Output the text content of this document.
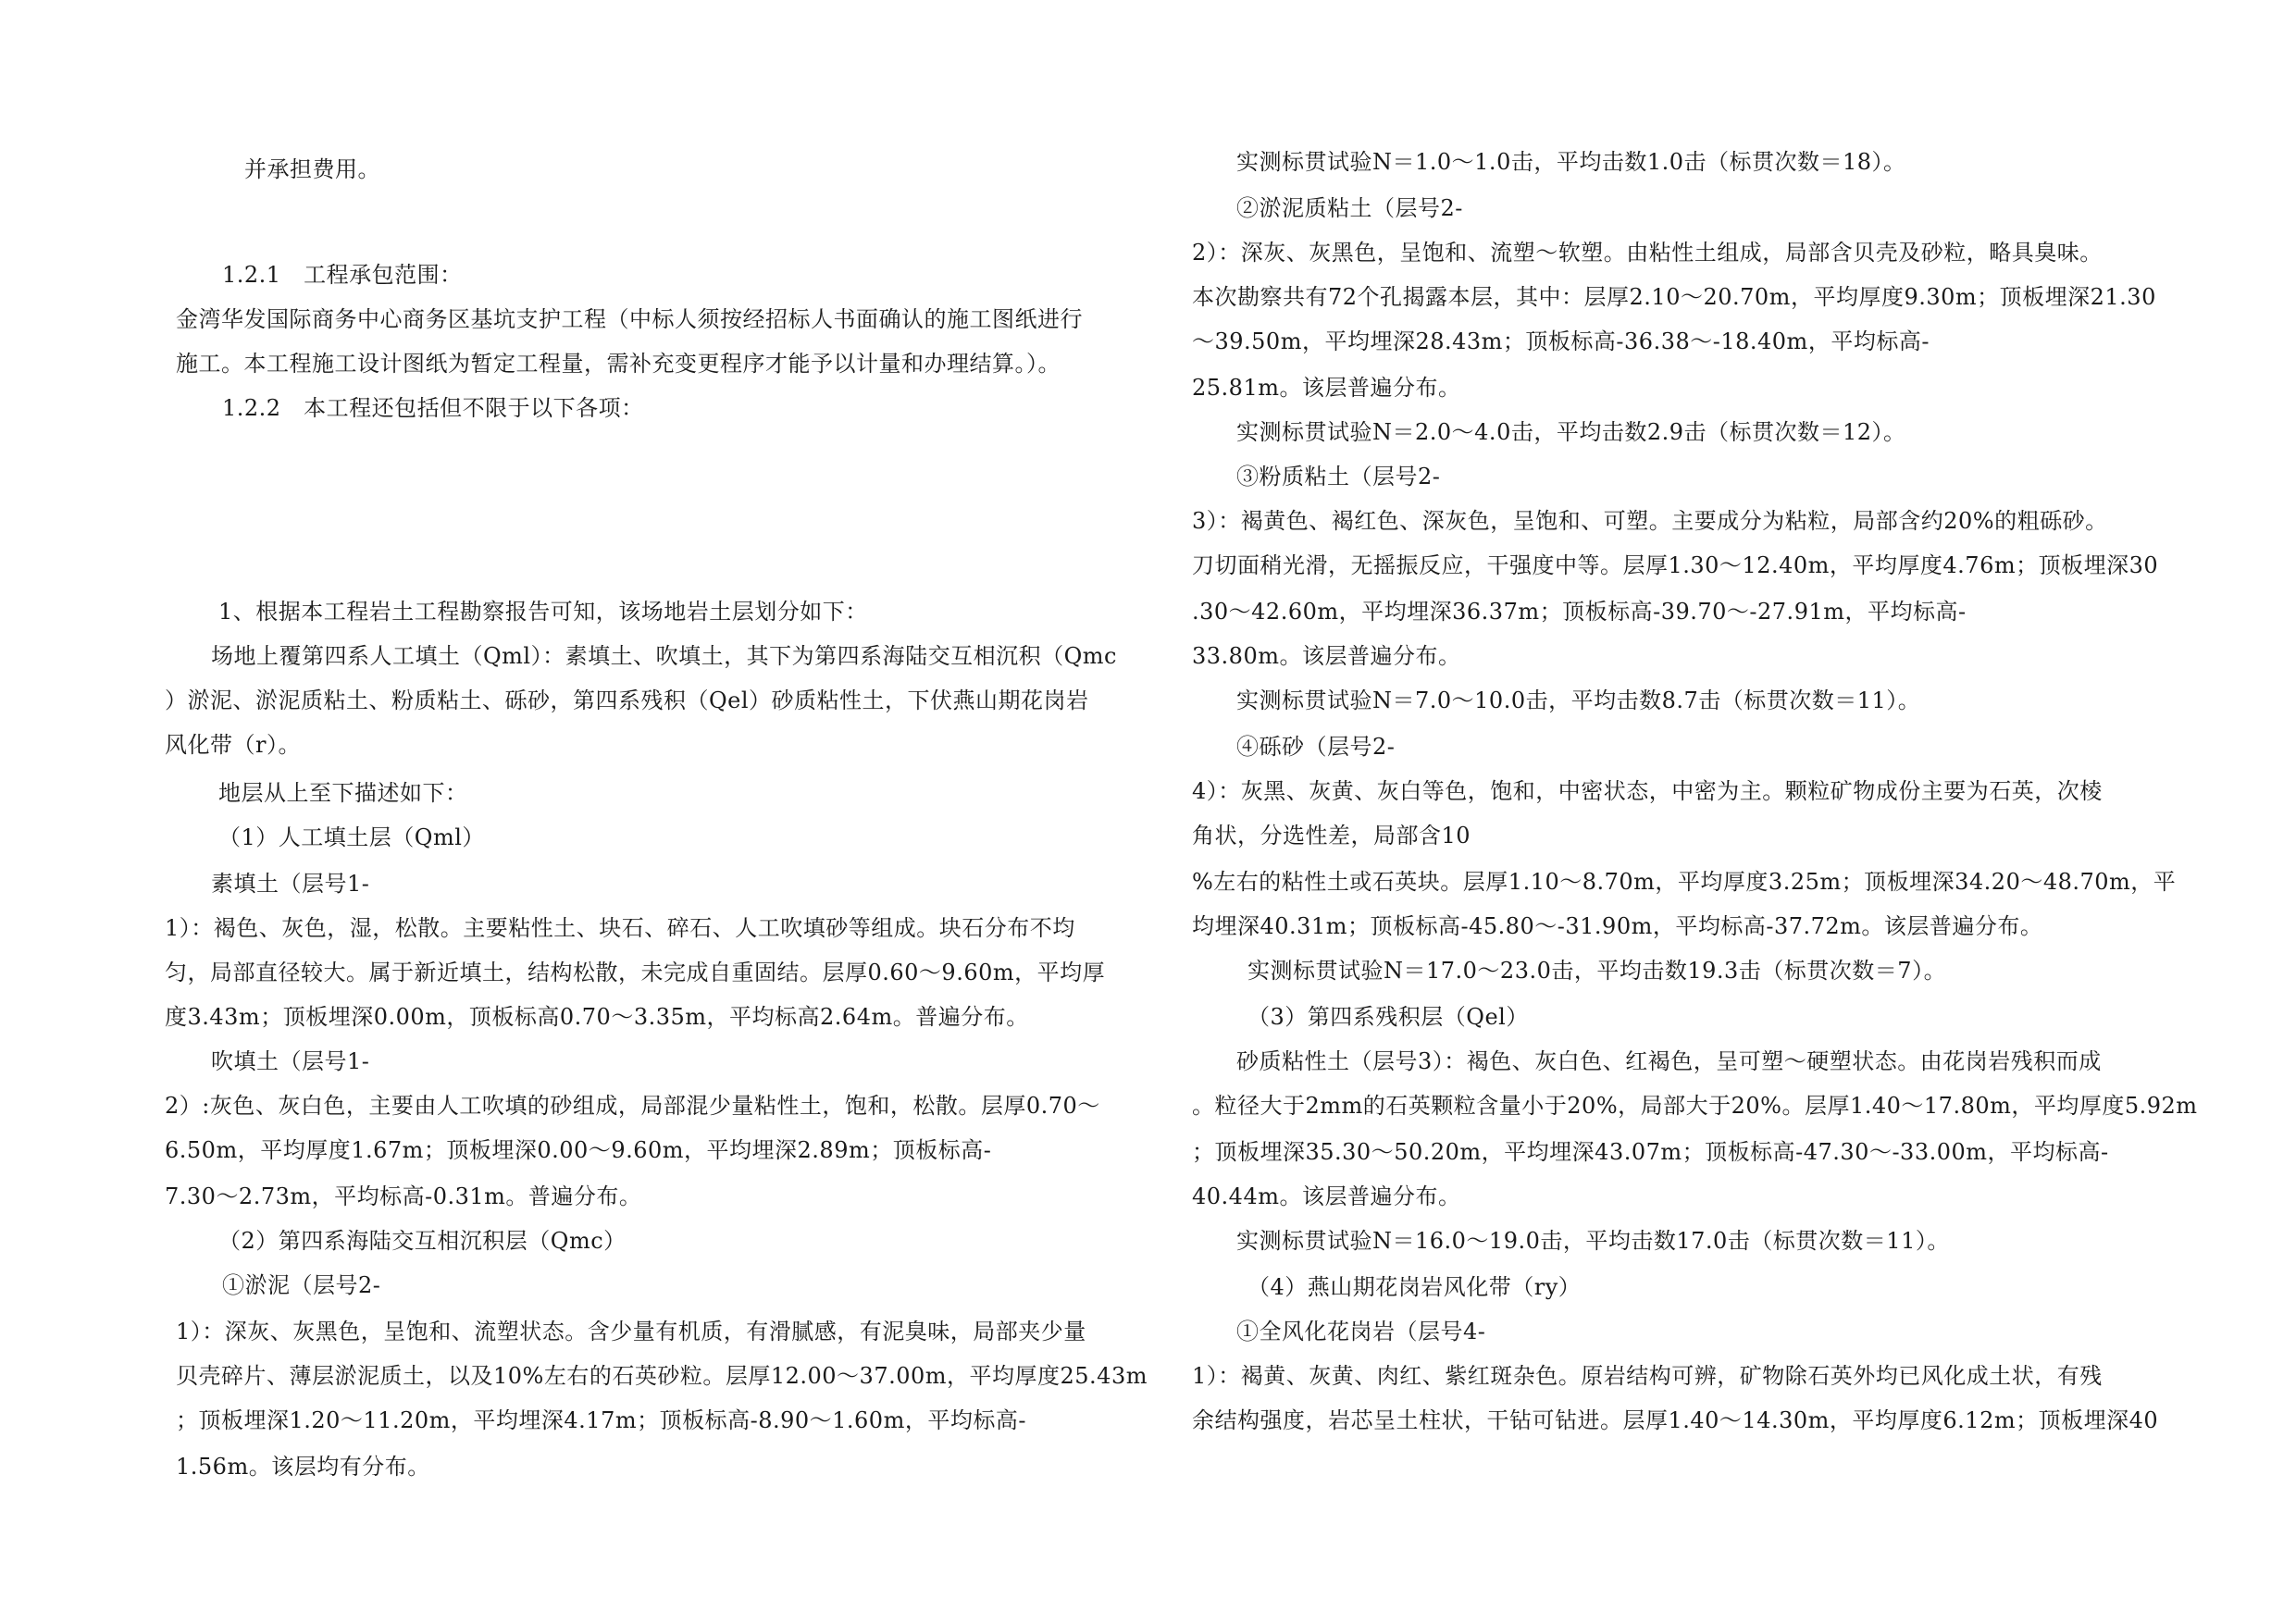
并承担费用。
1.2.1　工程承包范围：
金湾华发国际商务中心商务区基坑支护工程（中标人须按经招标人书面确认的施工图纸进行
施工。本工程施工设计图纸为暂定工程量，需补充变更程序才能予以计量和办理结算。）。
1.2.2　本工程还包括但不限于以下各项：
1、根据本工程岩土工程勘察报告可知，该场地岩土层划分如下：
场地上覆第四系人工填土（Qml）：素填土、吹填土，其下为第四系海陆交互相沉积（Qmc
）淤泥、淤泥质粘土、粉质粘土、砾砂，第四系残积（Qel）砂质粘性土，下伏燕山期花岗岩
风化带（r）。
地层从上至下描述如下：
（1）人工填土层（Qml）
素填土（层号1-
1）：褐色、灰色，湿，松散。主要粘性土、块石、碎石、人工吹填砂等组成。块石分布不均
匀，局部直径较大。属于新近填土，结构松散，未完成自重固结。层厚0.60～9.60m，平均厚
度3.43m；顶板埋深0.00m，顶板标高0.70～3.35m，平均标高2.64m。普遍分布。
吹填土（层号1-
2）:灰色、灰白色，主要由人工吹填的砂组成，局部混少量粘性土，饱和，松散。层厚0.70～
6.50m，平均厚度1.67m；顶板埋深0.00～9.60m，平均埋深2.89m；顶板标高-
7.30～2.73m，平均标高-0.31m。普遍分布。
（2）第四系海陆交互相沉积层（Qmc）
①淤泥（层号2-
1）：深灰、灰黑色，呈饱和、流塑状态。含少量有机质，有滑腻感，有泥臭味，局部夹少量
贝壳碎片、薄层淤泥质土，以及10%左右的石英砂粒。层厚12.00～37.00m，平均厚度25.43m
；顶板埋深1.20～11.20m，平均埋深4.17m；顶板标高-8.90～1.60m，平均标高-
1.56m。该层均有分布。
实测标贯试验N＝1.0～1.0击，平均击数1.0击（标贯次数＝18）。
②淤泥质粘土（层号2-
2）：深灰、灰黑色，呈饱和、流塑～软塑。由粘性土组成，局部含贝壳及砂粒，略具臭味。
本次勘察共有72个孔揭露本层，其中：层厚2.10～20.70m，平均厚度9.30m；顶板埋深21.30
～39.50m，平均埋深28.43m；顶板标高-36.38～-18.40m，平均标高-
25.81m。该层普遍分布。
实测标贯试验N＝2.0～4.0击，平均击数2.9击（标贯次数＝12）。
③粉质粘土（层号2-
3）：褐黄色、褐红色、深灰色，呈饱和、可塑。主要成分为粘粒，局部含约20%的粗砾砂。
刀切面稍光滑，无摇振反应，干强度中等。层厚1.30～12.40m，平均厚度4.76m；顶板埋深30
.30～42.60m，平均埋深36.37m；顶板标高-39.70～-27.91m，平均标高-
33.80m。该层普遍分布。
实测标贯试验N＝7.0～10.0击，平均击数8.7击（标贯次数＝11）。
④砾砂（层号2-
4）：灰黑、灰黄、灰白等色，饱和，中密状态，中密为主。颗粒矿物成份主要为石英，次棱
角状，分选性差，局部含10
%左右的粘性土或石英块。层厚1.10～8.70m，平均厚度3.25m；顶板埋深34.20～48.70m，平
均埋深40.31m；顶板标高-45.80～-31.90m，平均标高-37.72m。该层普遍分布。
实测标贯试验N＝17.0～23.0击，平均击数19.3击（标贯次数＝7）。
（3）第四系残积层（Qel）
砂质粘性土（层号3）：褐色、灰白色、红褐色，呈可塑～硬塑状态。由花岗岩残积而成
。粒径大于2mm的石英颗粒含量小于20%，局部大于20%。层厚1.40～17.80m，平均厚度5.92m
；顶板埋深35.30～50.20m，平均埋深43.07m；顶板标高-47.30～-33.00m，平均标高-
40.44m。该层普遍分布。
实测标贯试验N＝16.0～19.0击，平均击数17.0击（标贯次数＝11）。
（4）燕山期花岗岩风化带（ry）
①全风化花岗岩（层号4-
1）：褐黄、灰黄、肉红、紫红斑杂色。原岩结构可辨，矿物除石英外均已风化成土状，有残
余结构强度，岩芯呈土柱状，干钻可钻进。层厚1.40～14.30m，平均厚度6.12m；顶板埋深40
